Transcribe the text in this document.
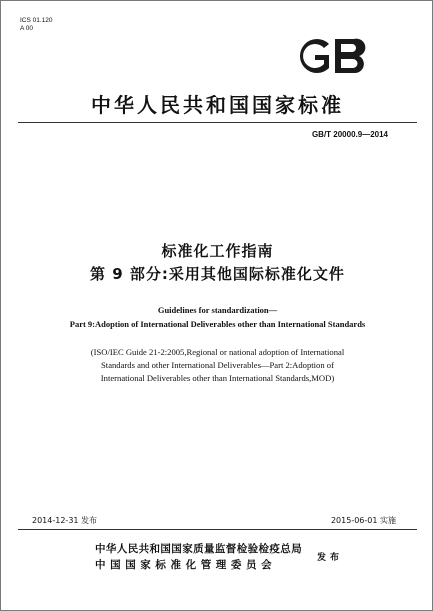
ICS 01.120
A 00
中华人民共和国国家标准
GB/T 20000.9—2014
标准化工作指南
第 9 部分:采用其他国际标准化文件
Guidelines for standardization—
Part 9:Adoption of International Deliverables other than International Standards
(ISO/IEC Guide 21-2:2005,Regional or national adoption of International
Standards and other International Deliverables—Part 2:Adoption of
International Deliverables other than International Standards,MOD)
2014-12-31 发布	2015-06-01 实施
中华人民共和国国家质量监督检验检疫总局
中国国家标准化管理委员会
发布
